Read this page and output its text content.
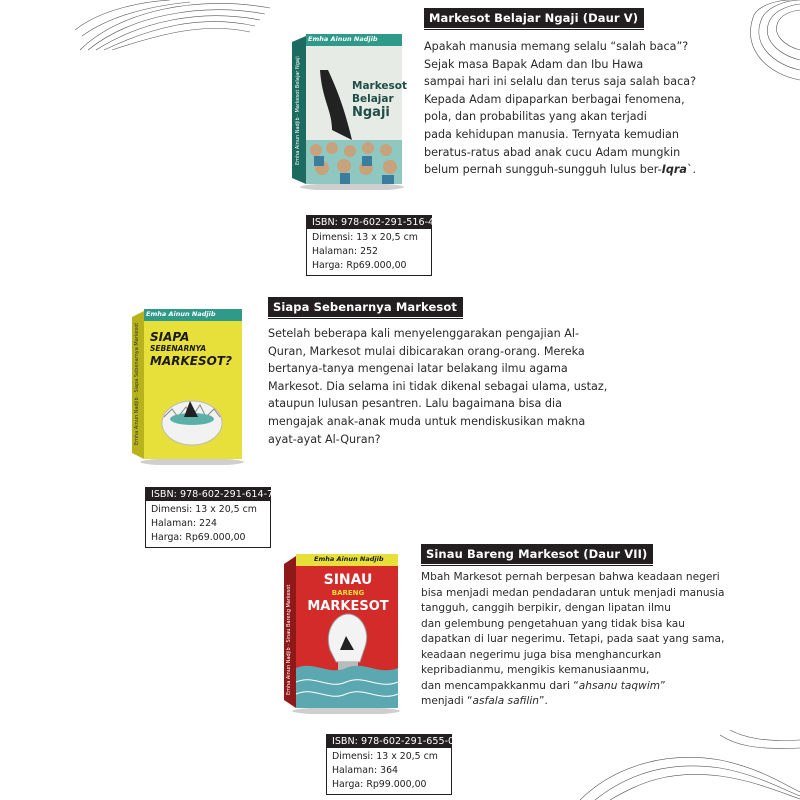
Markesot Belajar Ngaji (Daur V)
Apakah manusia memang selalu “salah baca”?
Sejak masa Bapak Adam dan Ibu Hawa
sampai hari ini selalu dan terus saja salah baca?
Kepada Adam dipaparkan berbagai fenomena,
pola, dan probabilitas yang akan terjadi
pada kehidupan manusia. Ternyata kemudian
beratus-ratus abad anak cucu Adam mungkin
belum pernah sungguh-sungguh lulus ber-Iqra`.
Emha Ainun Nadjib
Markesot
Belajar
Ngaji
Emha Ainun Nadjib · Markesot Belajar Ngaji
ISBN: 978-602-291-516-4
Dimensi: 13 x 20,5 cm
Halaman: 252
Harga: Rp69.000,00
Siapa Sebenarnya Markesot
Setelah beberapa kali menyelenggarakan pengajian Al-
Quran, Markesot mulai dibicarakan orang-orang. Mereka
bertanya-tanya mengenai latar belakang ilmu agama
Markesot. Dia selama ini tidak dikenal sebagai ulama, ustaz,
ataupun lulusan pesantren. Lalu bagaimana bisa dia
mengajak anak-anak muda untuk mendiskusikan makna
ayat-ayat Al-Quran?
Emha Ainun Nadjib
SIAPA
SEBENARNYA
MARKESOT?
Emha Ainun Nadjib · Siapa Sebenarnya Markesot
ISBN: 978-602-291-614-7
Dimensi: 13 x 20,5 cm
Halaman: 224
Harga: Rp69.000,00
Sinau Bareng Markesot (Daur VII)
Mbah Markesot pernah berpesan bahwa keadaan negeri
bisa menjadi medan pendadaran untuk menjadi manusia
tangguh, canggih berpikir, dengan lipatan ilmu
dan gelembung pengetahuan yang tidak bisa kau
dapatkan di luar negerimu. Tetapi, pada saat yang sama,
keadaan negerimu juga bisa menghancurkan
kepribadianmu, mengikis kemanusiaanmu,
dan mencampakkanmu dari “ahsanu taqwim”
menjadi “asfala safilin”.
Emha Ainun Nadjib
SINAU
BARENG
MARKESOT
Emha Ainun Nadjib · Sinau Bareng Markesot
ISBN: 978-602-291-655-0
Dimensi: 13 x 20,5 cm
Halaman: 364
Harga: Rp99.000,00
